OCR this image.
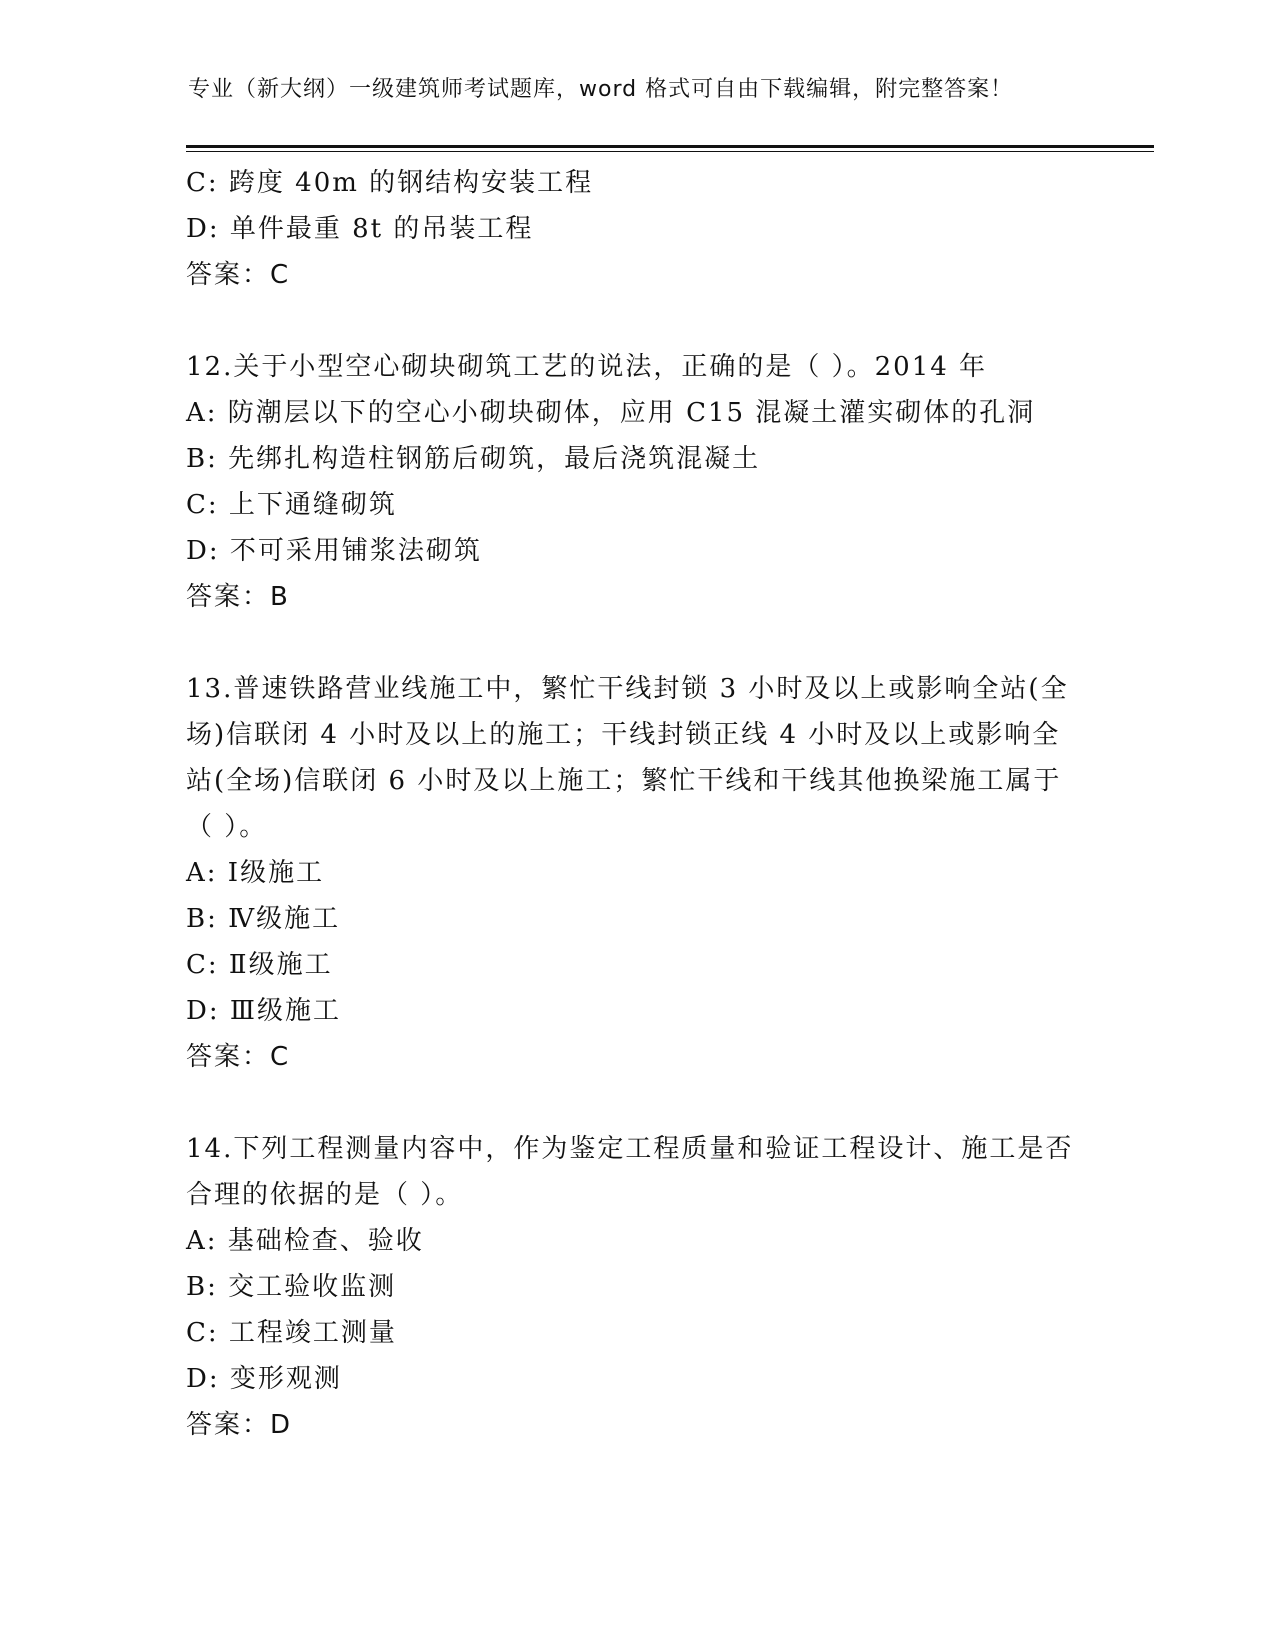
专业（新大纲）一级建筑师考试题库，word 格式可自由下载编辑，附完整答案！
C: 跨度 40m 的钢结构安装工程
D: 单件最重 8t 的吊装工程
答案：C
12.关于小型空心砌块砌筑工艺的说法，正确的是（ ）。2014 年
A: 防潮层以下的空心小砌块砌体，应用 C15 混凝土灌实砌体的孔洞
B: 先绑扎构造柱钢筋后砌筑，最后浇筑混凝土
C: 上下通缝砌筑
D: 不可采用铺浆法砌筑
答案：B
13.普速铁路营业线施工中，繁忙干线封锁 3 小时及以上或影响全站(全场)信联闭 4 小时及以上的施工；干线封锁正线 4 小时及以上或影响全站(全场)信联闭 6 小时及以上施工；繁忙干线和干线其他换梁施工属于（ ）。
A: Ⅰ级施工
B: Ⅳ级施工
C: Ⅱ级施工
D: Ⅲ级施工
答案：C
14.下列工程测量内容中，作为鉴定工程质量和验证工程设计、施工是否合理的依据的是（ ）。
A: 基础检查、验收
B: 交工验收监测
C: 工程竣工测量
D: 变形观测
答案：D
